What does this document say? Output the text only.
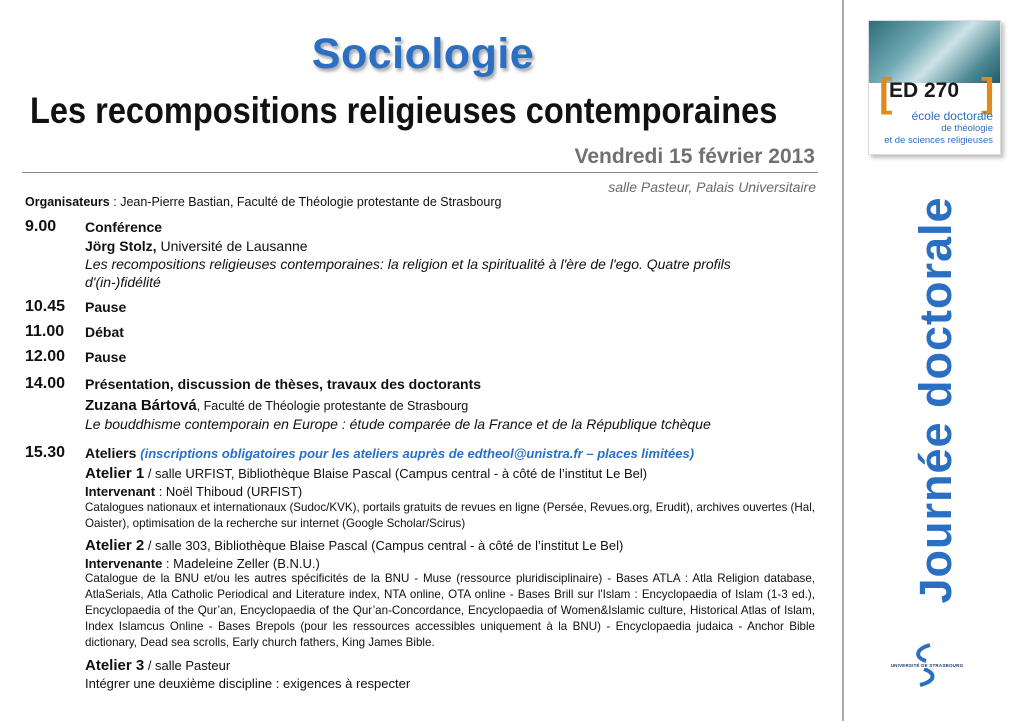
Sociologie
Les recompositions religieuses contemporaines
Vendredi 15 février 2013
salle Pasteur, Palais Universitaire
Organisateurs : Jean-Pierre Bastian, Faculté de Théologie protestante de Strasbourg
9.00 Conférence
Jörg Stolz, Université de Lausanne
Les recompositions religieuses contemporaines: la religion et la spiritualité à l'ère de l'ego. Quatre profils
d'(in-)fidélité
10.45 Pause
11.00 Débat
12.00 Pause
14.00 Présentation, discussion de thèses, travaux des doctorants
Zuzana Bártová, Faculté de Théologie protestante de Strasbourg
Le bouddhisme contemporain en Europe : étude comparée de la France et de la République tchèque
15.30 Ateliers (inscriptions obligatoires pour les ateliers auprès de edtheol@unistra.fr – places limitées)
Atelier 1 / salle URFIST, Bibliothèque Blaise Pascal (Campus central - à côté de l’institut Le Bel)
Intervenant : Noël Thiboud (URFIST)
Catalogues nationaux et internationaux (Sudoc/KVK), portails gratuits de revues en ligne (Persée, Revues.org, Erudit), archives ouvertes (Hal, Oaister), optimisation de la recherche sur internet (Google Scholar/Scirus)
Atelier 2 / salle 303, Bibliothèque Blaise Pascal (Campus central - à côté de l’institut Le Bel)
Intervenante : Madeleine Zeller (B.N.U.)
Catalogue de la BNU et/ou les autres spécificités de la BNU - Muse (ressource pluridisciplinaire) - Bases ATLA : Atla Religion database, AtlaSerials, Atla Catholic Periodical and Literature index, NTA online, OTA online - Bases Brill sur l'Islam : Encyclopaedia of Islam (1-3 ed.), Encyclopaedia of the Qur’an, Encyclopaedia of the Qur’an-Concordance, Encyclopaedia of Women&Islamic culture, Historical Atlas of Islam, Index Islamcus Online - Bases Brepols (pour les ressources accessibles uniquement à la BNU) - Encyclopaedia judaica - Anchor Bible dictionary, Dead sea scrolls, Early church fathers, King James Bible.
Atelier 3 / salle Pasteur
Intégrer une deuxième discipline : exigences à respecter
[
ED 270 ]
école doctorale
de théologie
et de sciences religieuses
Journée doctorale
UNIVERSITÉ DE STRASBOURG
